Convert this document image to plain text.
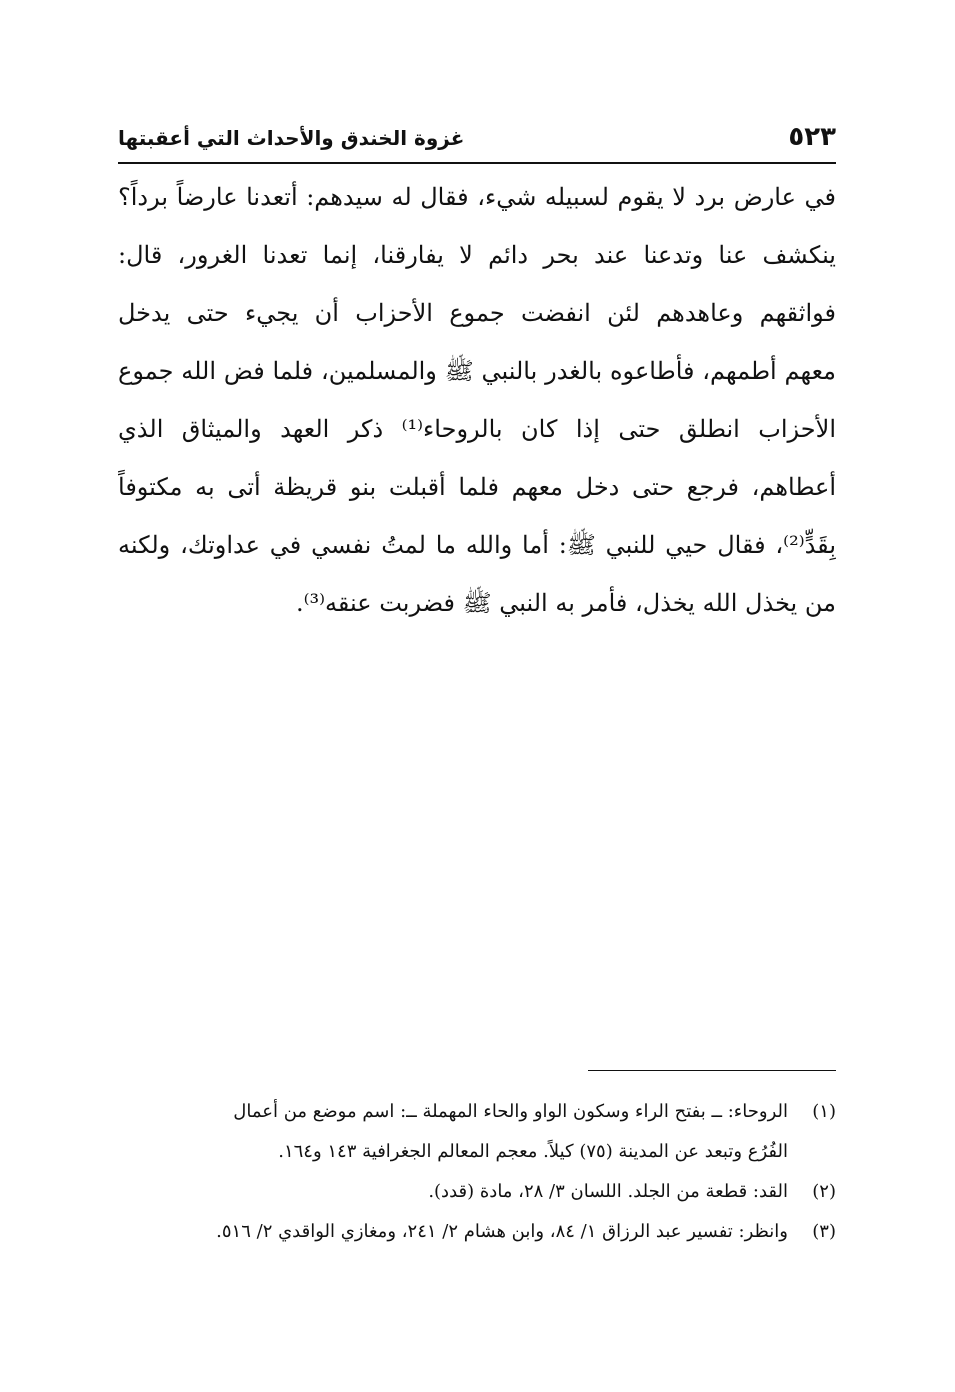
غزوة الخندق والأحداث التي أعقبتها	٥٢٣
في عارض برد لا يقوم لسبيله شيء، فقال له سيدهم: أتعدنا عارضاً برداً؟
ينكشف عنا وتدعنا عند بحر دائم لا يفارقنا، إنما تعدنا الغرور، قال:
فواثقهم وعاهدهم لئن انفضت جموع الأحزاب أن يجيء حتى يدخل
معهم أطمهم، فأطاعوه بالغدر بالنبي ﷺ والمسلمين، فلما فض الله جموع
الأحزاب انطلق حتى إذا كان بالروحاء⁽¹⁾ ذكر العهد والميثاق الذي
أعطاهم، فرجع حتى دخل معهم فلما أقبلت بنو قريظة أتى به مكتوفاً
بِقَدٍّ⁽²⁾، فقال حيي للنبي ﷺ: أما والله ما لمتُ نفسي في عداوتك، ولكنه
من يخذل الله يخذل، فأمر به النبي ﷺ فضربت عنقه⁽³⁾.
(١)
الروحاء: ــ بفتح الراء وسكون الواو والحاء المهملة ــ: اسم موضع من أعمال
الفُرُع وتبعد عن المدينة (٧٥) كيلاً. معجم المعالم الجغرافية ١٤٣ و١٦٤.
(٢)
القد: قطعة من الجلد. اللسان ٣/ ٢٨، مادة (قدد).
(٣)
وانظر: تفسير عبد الرزاق ١/ ٨٤، وابن هشام ٢/ ٢٤١، ومغازي الواقدي ٢/ ٥١٦.
